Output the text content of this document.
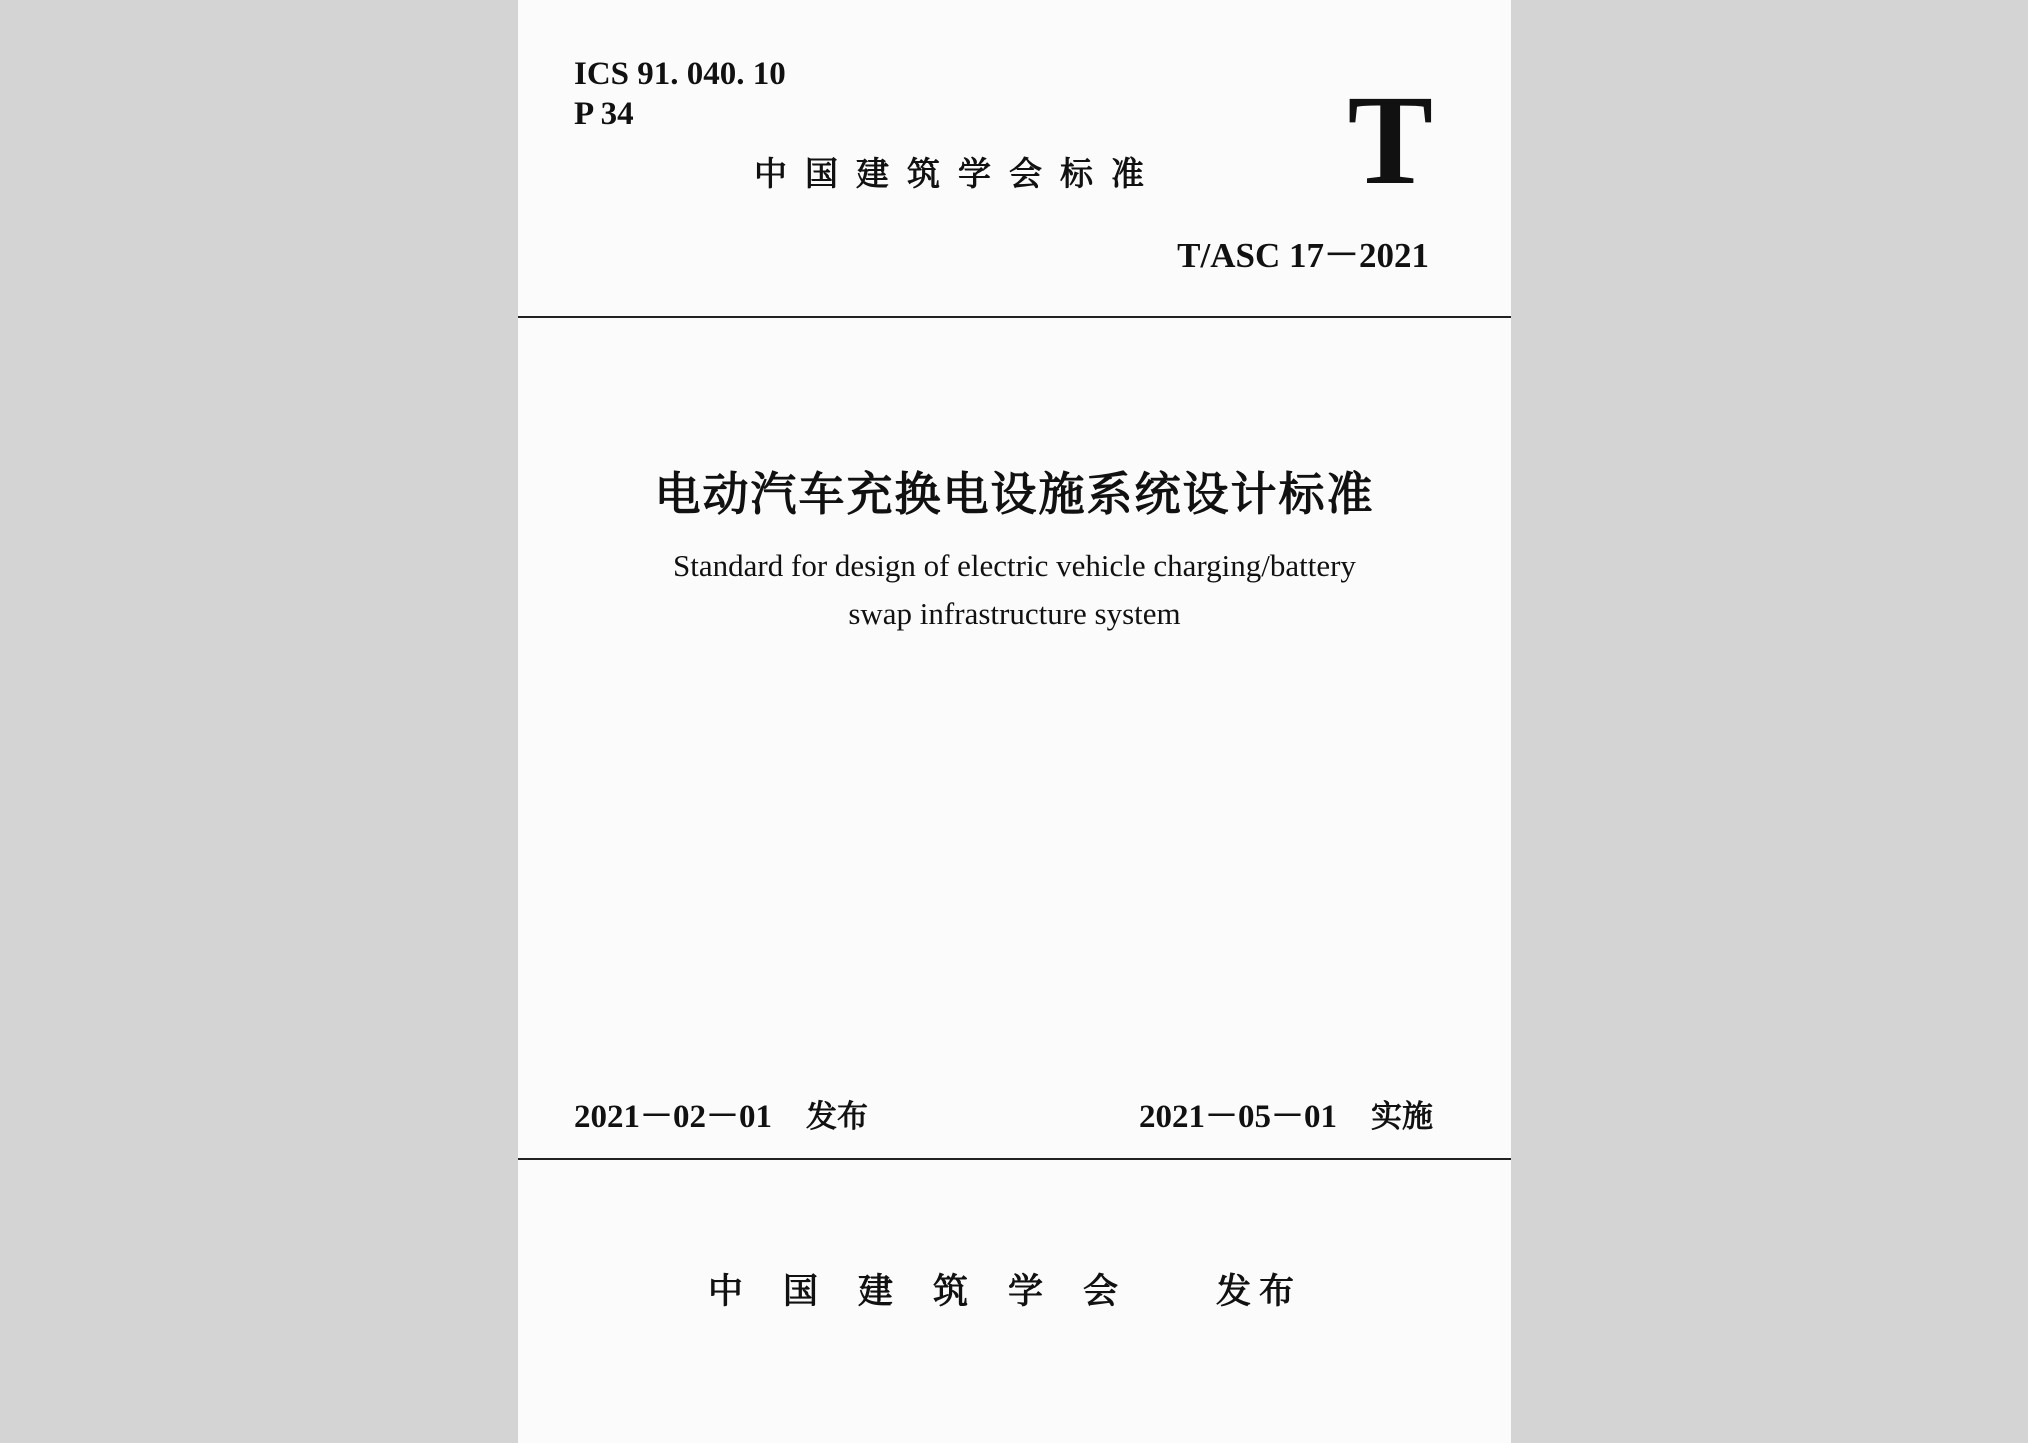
ICS 91. 040. 10
P 34
中国建筑学会标准 T
T/ASC 17－2021
电动汽车充换电设施系统设计标准
Standard for design of electric vehicle charging/battery
swap infrastructure system
2021－02－01 发布	2021－05－01 实施
中国建筑学会 发布
